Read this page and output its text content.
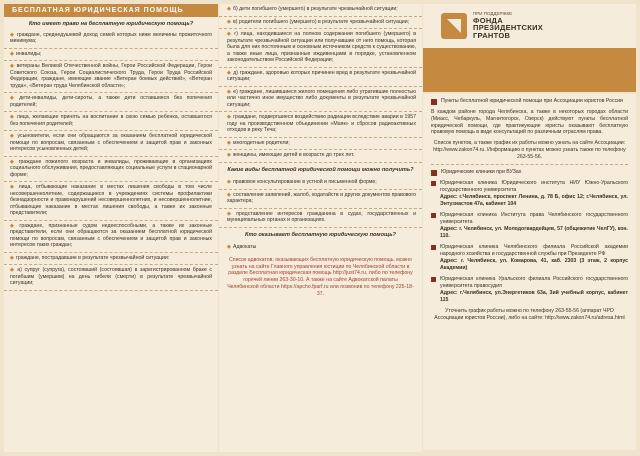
БЕСПЛАТНАЯ ЮРИДИЧЕСКАЯ ПОМОЩЬ
Кто имеет право на бесплатную юридическую помощь?
◆ граждане, среднедушевой доход семей которых ниже величины прожиточного минимума;
◆ инвалиды;
◆ ветераны Великой Отечественной войны, Герои Российской Федерации, Герои Советского Союза, Герои Социалистического Труда, Герои Труда Российской Федерации, граждане, имеющие звание «Ветеран боевых действий», «Ветеран труда», «Ветеран труда Челябинской области»;
◆ дети-инвалиды, дети-сироты, а также дети оставшиеся без попечения родителей;
◆ лица, желающие принять на воспитание в свою семью ребенка, оставшегося без попечения родителей;
◆ усыновители, если они обращаются за оказанием бесплатной юридической помощи по вопросам, связанным с обеспечением и защитой прав и законных интересов усыновленных детей;
◆ граждане пожилого возраста и инвалиды, проживающие в организациях социального обслуживания, предоставляющих социальные услуги в стационарной форме;
◆ лица, отбывающие наказание в местах лишения свободы в том числе несовершеннолетние, содержащиеся в учреждениях системы профилактики безнадзорности и правонарушений несовершеннолетних, и несовершеннолетние, отбывающие наказание в местах лишения свободы, а также их законные представители;
◆ граждане, признанные судом недееспособными, а также их законные представители, если они обращаются за оказанием бесплатной юридической помощи по вопросам, связанным с обеспечением и защитой прав и законных интересов таких граждан;
◆ граждане, пострадавшие в результате чрезвычайной ситуации:
◆ а) супруг (супруга), состоявший (состоявшая) в зарегистрированном браке с погибшим (умершим) на день гибели (смерти) в результате чрезвычайной ситуации;
◆ б) дети погибшего (умершего) в результате чрезвычайной ситуации;
◆ в) родители погибшего (умершего) в результате чрезвычайной ситуации;
◆ г) лица, находившиеся на полном содержании погибшего (умершего) в результате чрезвычайной ситуации или получавшие от него помощь, которая была для них постоянным и основным источником средств к существованию, а также иные лица, признанные иждивенцами в порядке, установленном законодательством Российской Федерации;
◆ д) граждане, здоровью которых причинен вред в результате чрезвычайной ситуации;
◆ е) граждане, лишившиеся жилого помещения либо утратившие полностью или частично иное имущество либо документы в результате чрезвычайной ситуации;
◆ граждане, подвергшиеся воздействию радиации вследствие аварии в 1957 году на производственном объединении «Маяк» и сбросов радиоактивных отходов в реку Теча;
◆ многодетные родители;
◆ женщины, имеющие детей в возрасте до трех лет.
Какие виды бесплатной юридической помощи можно получить?
◆ правовое консультирование в устной и письменной форме;
◆ составление заявлений, жалоб, ходатайств и других документов правового характера;
◆ представление интересов гражданина в судах, государственных и муниципальных органах и организациях.
Кто оказывает бесплатную юридическую помощь?
◆ Адвокаты
Список адвокатов, оказывающих бесплатную юридическую помощь, можно узнать на сайте Главного управления юстиции по Челябинской области в разделе Бесплатная юридическая помощь http://just74.ru, либо по телефону горячей линии 263-30-10. А также на сайте Адвокатской палаты Челябинской области https://apcho.fparf.ru или позвонив по телефону 225-18-37.
ПРИ ПОДДЕРЖКЕ
ФОНДА
ПРЕЗИДЕНТСКИХ
ГРАНТОВ
Пункты бесплатной юридической помощи при Ассоциации юристов России
В каждом районе города Челябинска, а также в некоторых городах области (Миасс, Чебаркуль, Магнитогорск, Озерск) действуют пункты бесплатной юридической помощи, где практикующие юристы оказывают бесплатную правовую помощь в виде консультаций по различным отраслям права.
Список пунктов, а также график их работы можно узнать на сайте Ассоциации: http://www.zakon74.ru. Информацию о пунктах можно узнать также по телефону 263-55-56.
Юридические клиники при ВУЗах
Юридическая клиника Юридического института НИУ Южно-Уральского государственного университета
Адрес: г.Челябинск, проспект Ленина, д. 78 Б, офис 12; г.Челябинск, ул. Энтузиастов 47а, кабинет 104
Юридическая клиника Института права Челябинского государственного университета
Адрес: г. Челябинск, ул. Молодогвардейцев, 57 (общежитие ЧелГУ), кон. 110.
Юридическая клиника Челябинского филиала Российской академии народного хозяйства и государственной службы при Президенте РФ
Адрес: г. Челябинск, ул. Комарова, 41, каб. 2303 (3 этаж, 2 корпус Академии)
Юридическая клиника Уральского филиала Российского государственного университета правосудия
Адрес: г.Челябинск, ул.Энергетиков 63а, 3ий учебный корпус, кабинет 115
Уточнить график работы можно по телефону 263-55-56 (аппарат ЧРО Ассоциации юристов России), либо на сайте: http://www.zakon74.ru/adresa.html
